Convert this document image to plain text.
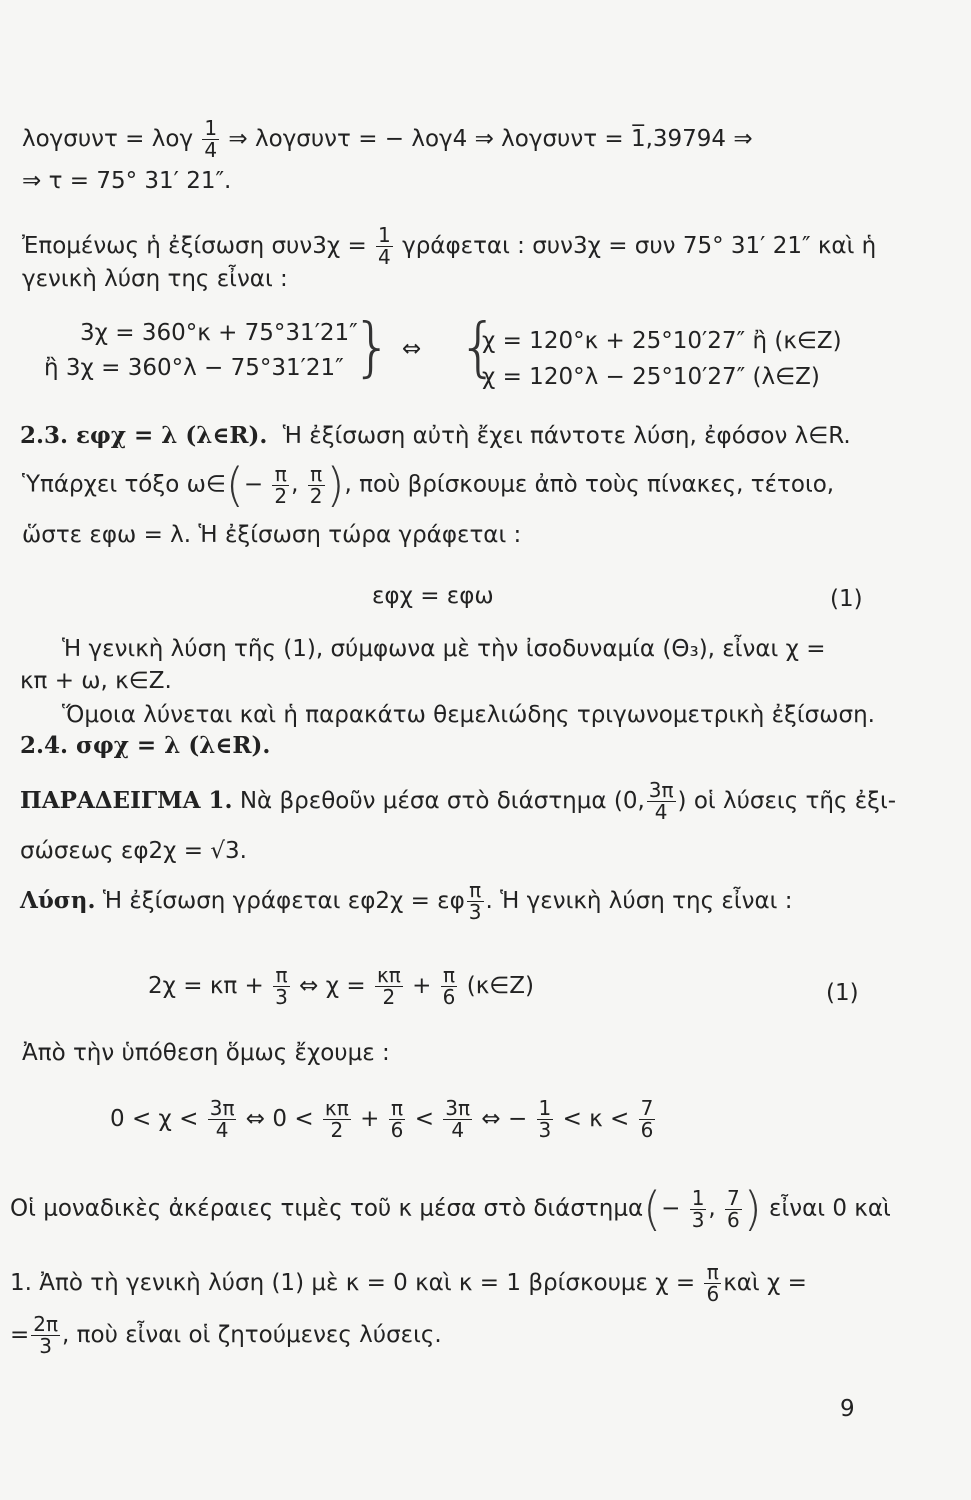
λογσυντ = λογ $\frac{1}{4}$ ⇒ λογσυντ = − λογ4 ⇒ λογσυντ = 1̅,39794 ⇒
⇒ τ = 75° 31′ 21″.
Ἐπομένως ἡ ἐξίσωση $\sigma\upsilon\nu 3\chi = \frac{1}{4}$ γράφεται : συν3χ = συν 75° 31′ 21″ καὶ ἡ
γενικὴ λύση της εἶναι :
3χ = 360°κ + 75°31′21″
ἢ 3χ = 360°λ − 75°31′21″ } ⇔ {
χ = 120°κ + 25°10′27″ ἢ (κ∈Z)
χ = 120°λ − 25°10′27″ (λ∈Z)
2.3. εφχ = λ (λ∈R). Ἡ ἐξίσωση αὐτὴ ἔχει πάντοτε λύση, ἐφόσον λ∈R.
Ὑπάρχει τόξο ω∈(− $\frac{\pi}{2}$ , $\frac{\pi}{2}$ ), ποὺ βρίσκουμε ἀπὸ τοὺς πίνακες, τέτοιο,
ὥστε εφω = λ. Ἡ ἐξίσωση τώρα γράφεται :
εφχ = εφω	(1)
Ἡ γενικὴ λύση τῆς (1), σύμφωνα μὲ τὴν ἰσοδυναμία (Θ₃), εἶναι χ =
κπ + ω, κ∈Z.
Ὅμοια λύνεται καὶ ἡ παρακάτω θεμελιώδης τριγωνομετρικὴ ἐξίσωση.
2.4. σφχ = λ (λ∈R).
ΠΑΡΑΔΕΙΓΜΑ 1. Νὰ βρεθοῦν μέσα στὸ διάστημα (0, $\frac{3\pi}{4}$ ) οἱ λύσεις τῆς ἐξι-
σώσεως εφ2χ = √3.
Λύση. Ἡ ἐξίσωση γράφεται εφ2χ = εφ $\frac{\pi}{3}$ . Ἡ γενικὴ λύση της εἶναι :
$2\chi = \kappa\pi + \frac{\pi}{3}$ ⇔ $\chi = \frac{\kappa\pi}{2} + \frac{\pi}{6}$ (κ∈Z)	(1)
Ἀπὸ τὴν ὑπόθεση ὅμως ἔχουμε :
$0 < \chi < \frac{3\pi}{4}$ ⇔ $0 < \frac{\kappa\pi}{2} + \frac{\pi}{6} < \frac{3\pi}{4}$ ⇔ − $\frac{1}{3} < \kappa < \frac{7}{6}$
Οἱ μοναδικὲς ἀκέραιες τιμὲς τοῦ κ μέσα στὸ $\delta\iota ά\sigma\tau\eta\mu\alpha(- \frac{1}{3}$ , $\frac{7}{6}$ ) εἶναι 0 καὶ
1. Ἀπὸ τὴ γενικὴ λύση (1) μὲ κ = 0 καὶ κ = 1 βρίσκουμε $\chi = \frac{\pi}{6}$ καὶ χ =
= $\frac{2\pi}{3}$ , ποὺ εἶναι οἱ ζητούμενες λύσεις.
9
